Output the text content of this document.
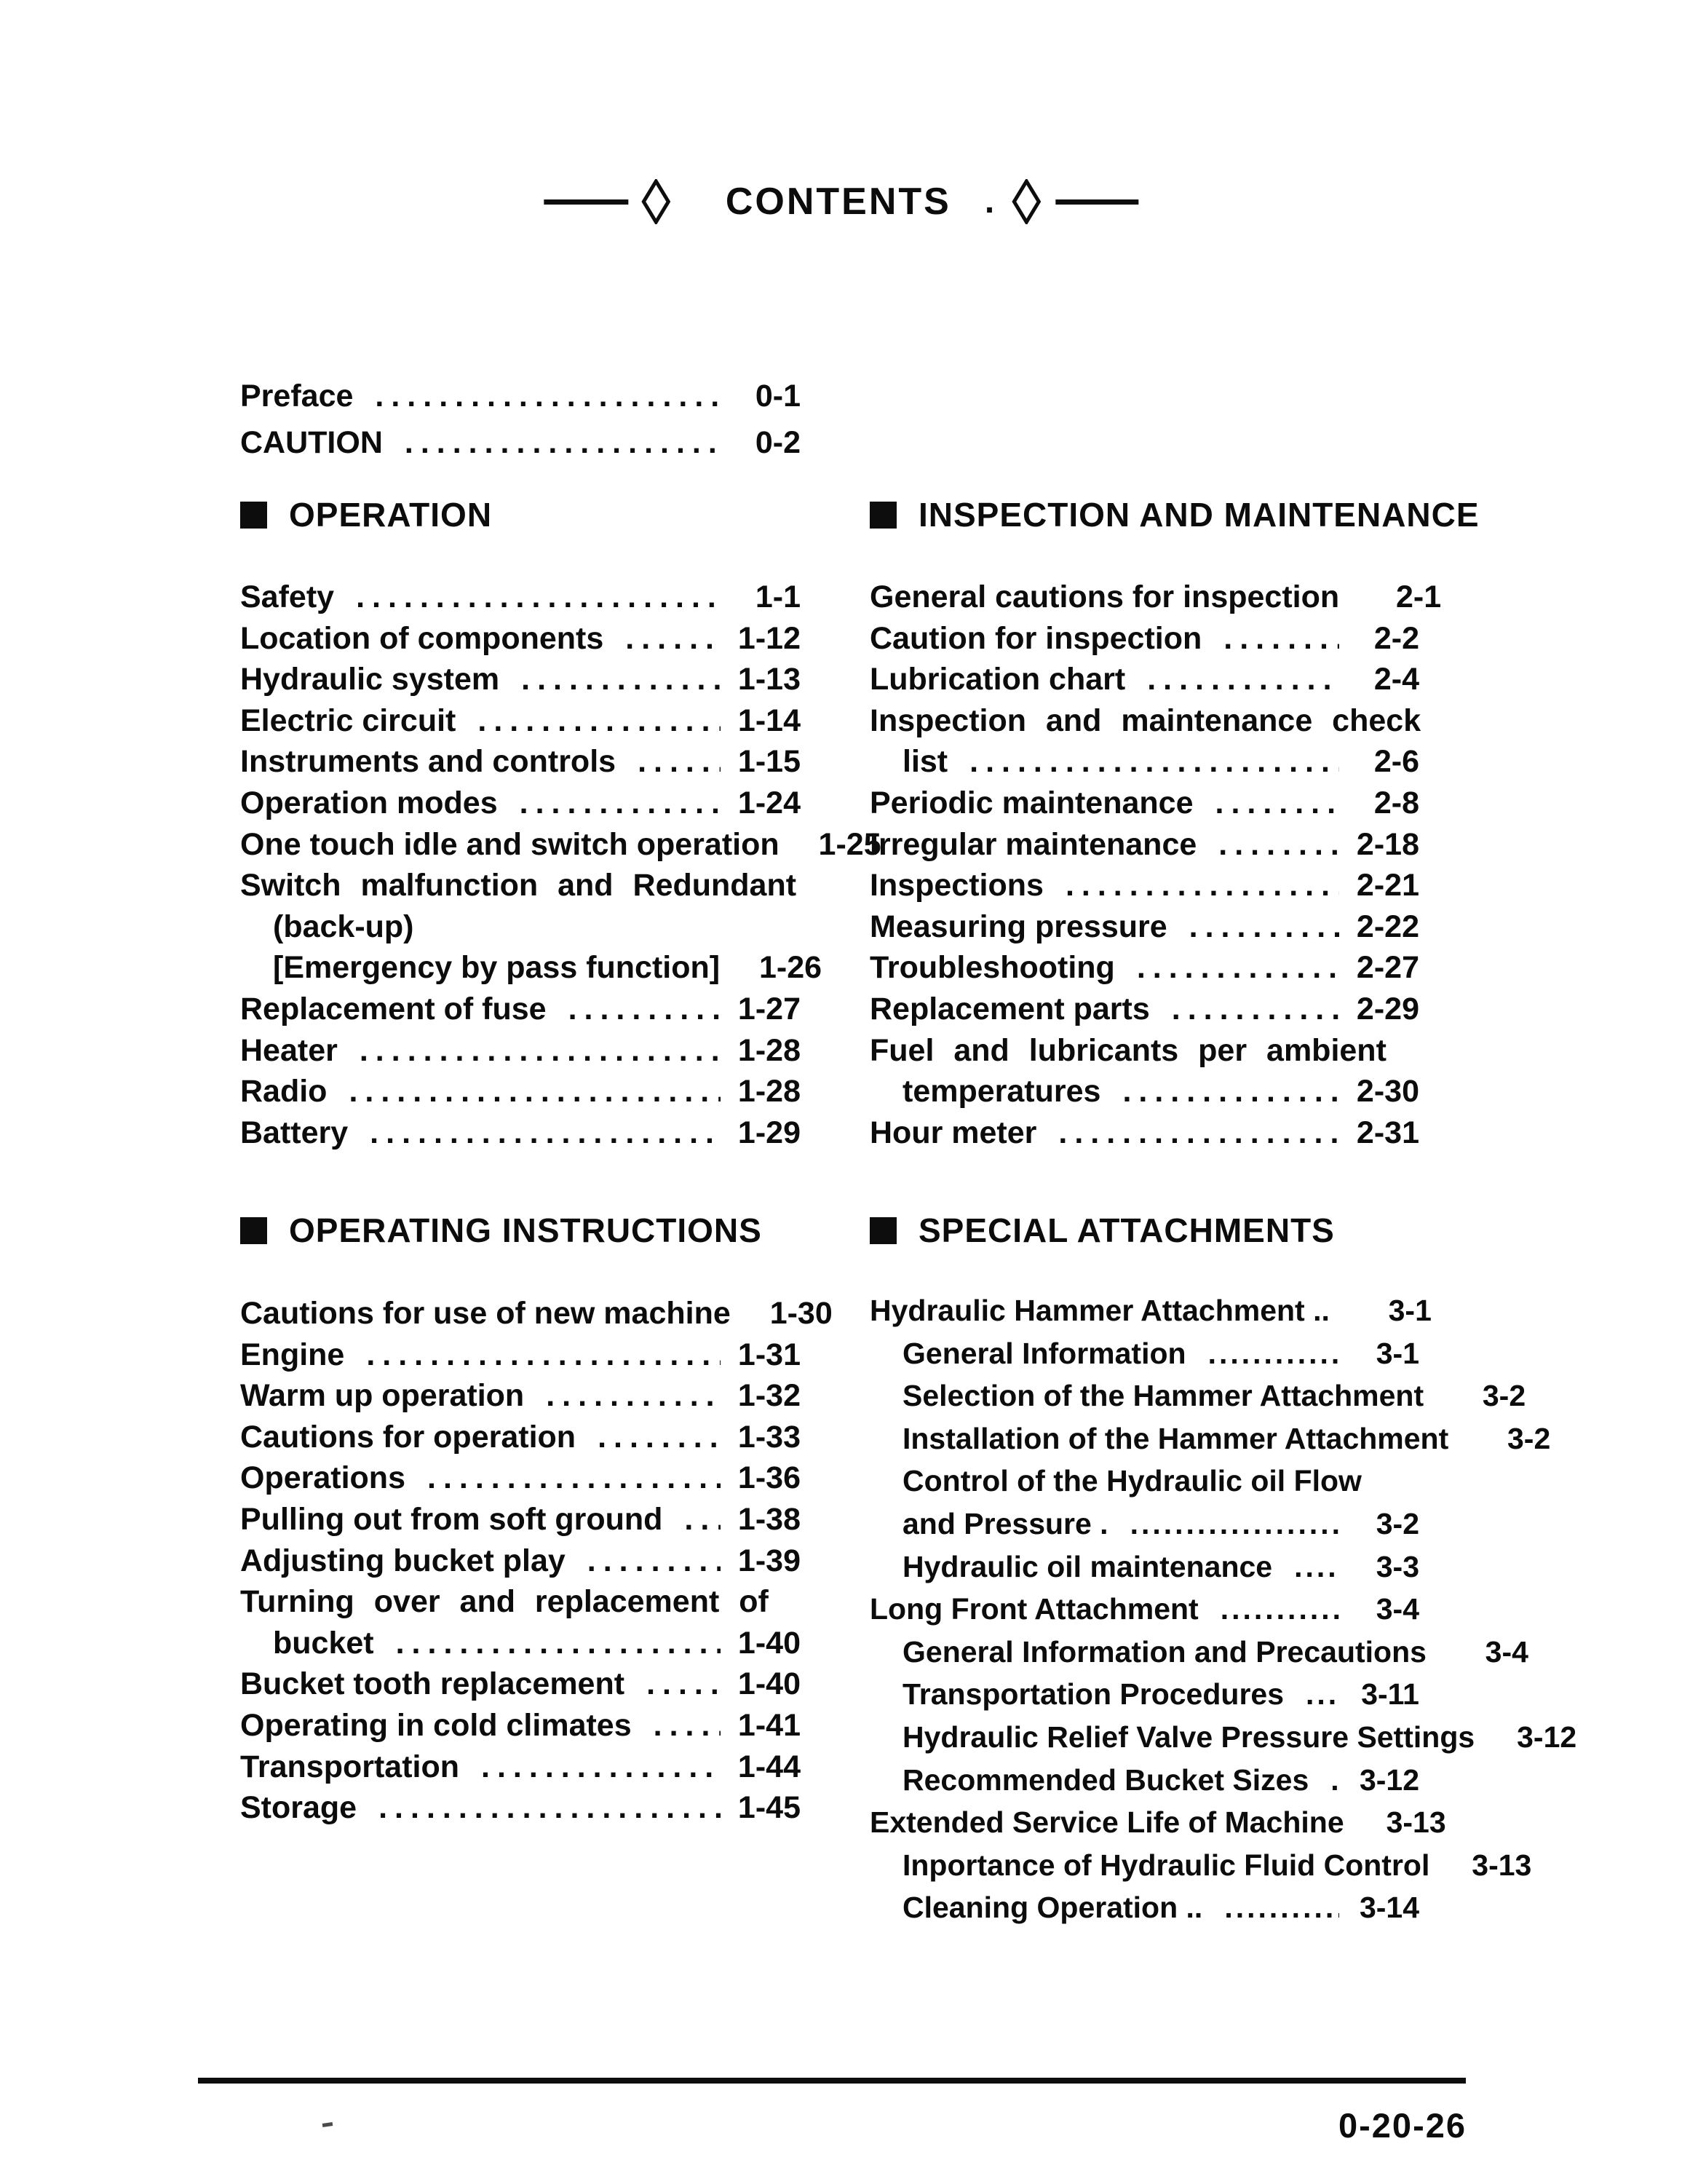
CONTENTS .
Preface .....	0-1
CAUTION .....	0-2
OPERATION	INSPECTION AND MAINTENANCE
OPERATING INSTRUCTIONS	SPECIAL ATTACHMENTS
Safety .....	1-1
Location of components .....	1-12
Hydraulic system .....	1-13
Electric circuit .....	1-14
Instruments and controls .....	1-15
Operation modes .....	1-24
One touch idle and switch operation 1-25
Switch malfunction and Redundant
(back-up)
[Emergency by pass function] 1-26
Replacement of fuse .....	1-27
Heater .....	1-28
Radio .....	1-28
Battery .....	1-29
Cautions for use of new machine 1-30
Engine .....	1-31
Warm up operation .....	1-32
Cautions for operation .....	1-33
Operations .....	1-36
Pulling out from soft ground ..... 1-38
Adjusting bucket play .....	1-39
Turning over and replacement of
bucket .....	1-40
Bucket tooth replacement .....	1-40
Operating in cold climates .....	1-41
Transportation .....	1-44
Storage .....	1-45
General cautions for inspection	2-1
Caution for inspection .....	2-2
Lubrication chart .....	2-4
Inspection and maintenance check
list .....	2-6
Periodic maintenance .....	2-8
Irregular maintenance .....	2-18
Inspections .....	2-21
Measuring pressure .....	2-22
Troubleshooting .....	2-27
Replacement parts .....	2-29
Fuel and lubricants per ambient
temperatures .....	2-30
Hour meter .....	2-31
Hydraulic Hammer Attachment ..	3-1
General Information .....	3-1
Selection of the Hammer Attachment	3-2
Installation of the Hammer Attachment	3-2
Control of the Hydraulic oil Flow
and Pressure . .....	3-2
Hydraulic oil maintenance .....	3-3
Long Front Attachment .....	3-4
General Information and Precautions	3-4
Transportation Procedures .....	3-11
Hydraulic Relief Valve Pressure Settings	3-12
Recommended Bucket Sizes .....	3-12
Extended Service Life of Machine	3-13
Inportance of Hydraulic Fluid Control	3-13
Cleaning Operation .. .....	3-14
0-20-26
